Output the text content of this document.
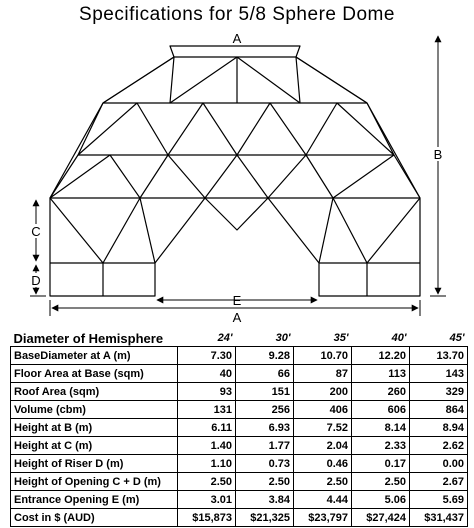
Specifications for 5/8 Sphere Dome
B
C
D
E
A
A
Diameter of Hemisphere	24'	30'	35'	40'	45'
BaseDiameter at A (m)	7.30	9.28	10.70	12.20	13.70
Floor Area at Base (sqm)	40	66	87	113	143
Roof Area (sqm)	93	151	200	260	329
Volume (cbm)	131	256	406	606	864
Height at B (m)	6.11	6.93	7.52	8.14	8.94
Height at C (m)	1.40	1.77	2.04	2.33	2.62
Height of Riser D (m)	1.10	0.73	0.46	0.17	0.00
Height of Opening C + D (m)	2.50	2.50	2.50	2.50	2.67
Entrance Opening E (m)	3.01	3.84	4.44	5.06	5.69
Cost in $ (AUD)	$15,873	$21,325	$23,797	$27,424	$31,437
